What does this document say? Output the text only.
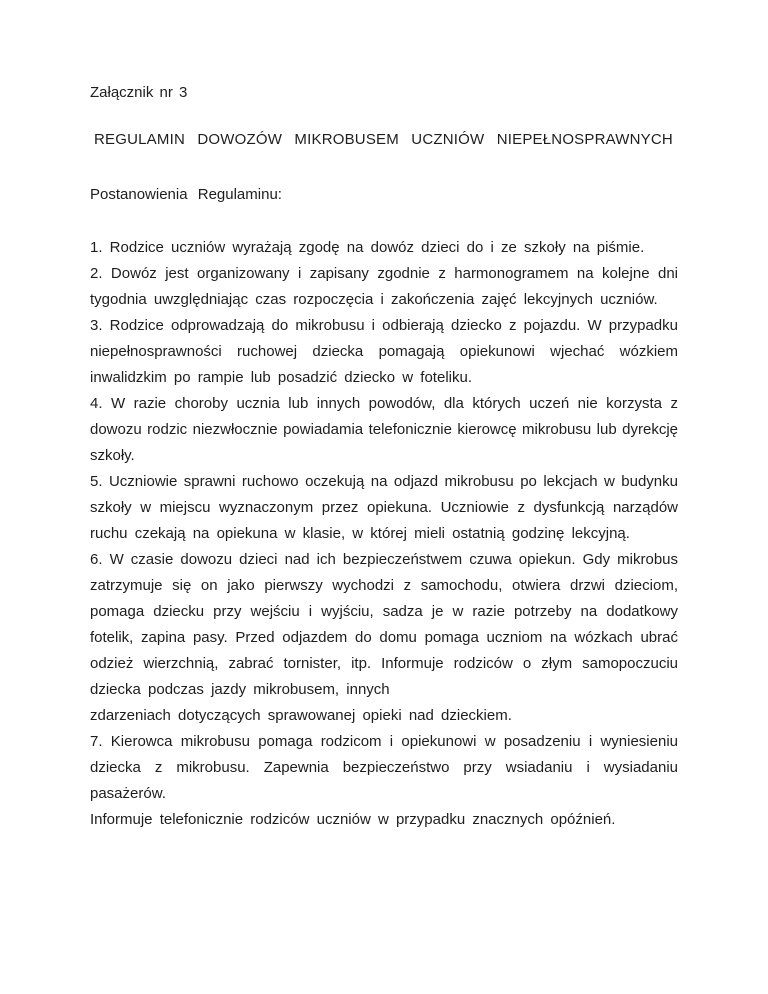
Załącznik nr 3
REGULAMIN DOWOZÓW MIKROBUSEM UCZNIÓW NIEPEŁNOSPRAWNYCH
Postanowienia Regulaminu:
1. Rodzice uczniów wyrażają zgodę na dowóz dzieci do i ze szkoły na piśmie.
2. Dowóz jest organizowany i zapisany zgodnie z harmonogramem na kolejne dni
tygodnia uwzględniając czas rozpoczęcia i zakończenia zajęć lekcyjnych uczniów.
3. Rodzice odprowadzają do mikrobusu i odbierają dziecko z pojazdu. W przypadku
niepełnosprawności ruchowej dziecka pomagają opiekunowi wjechać wózkiem
inwalidzkim po rampie lub posadzić dziecko w foteliku.
4. W razie choroby ucznia lub innych powodów, dla których uczeń nie korzysta z
dowozu rodzic niezwłocznie powiadamia telefonicznie kierowcę mikrobusu lub dyrekcję
szkoły.
5. Uczniowie sprawni ruchowo oczekują na odjazd mikrobusu po lekcjach w budynku
szkoły w miejscu wyznaczonym przez opiekuna. Uczniowie z dysfunkcją narządów
ruchu czekają na opiekuna w klasie, w której mieli ostatnią godzinę lekcyjną.
6. W czasie dowozu dzieci nad ich bezpieczeństwem czuwa opiekun. Gdy mikrobus
zatrzymuje się on jako pierwszy wychodzi z samochodu, otwiera drzwi dzieciom,
pomaga dziecku przy wejściu i wyjściu, sadza je w razie potrzeby na dodatkowy
fotelik, zapina pasy. Przed odjazdem do domu pomaga uczniom na wózkach ubrać
odzież wierzchnią, zabrać tornister, itp. Informuje rodziców o złym samopoczuciu
dziecka podczas jazdy mikrobusem, innych
zdarzeniach dotyczących sprawowanej opieki nad dzieckiem.
7. Kierowca mikrobusu pomaga rodzicom i opiekunowi w posadzeniu i wyniesieniu
dziecka z mikrobusu. Zapewnia bezpieczeństwo przy wsiadaniu i wysiadaniu pasażerów.
Informuje telefonicznie rodziców uczniów w przypadku znacznych opóźnień.
